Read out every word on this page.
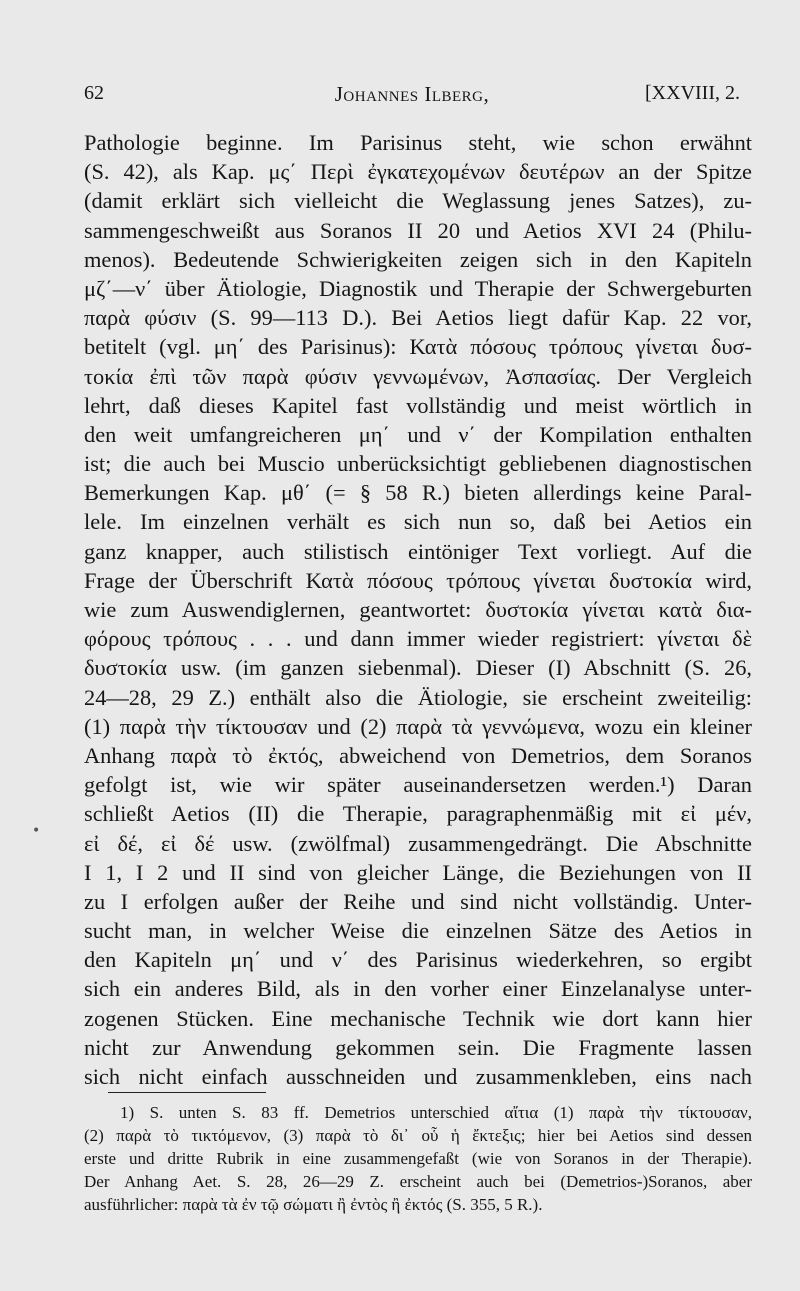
62	Johannes Ilberg,	[XXVIII, 2.
Pathologie beginne. Im Parisinus steht, wie schon erwähnt
(S. 42), als Kap. μς΄ Περὶ ἐγκατεχομένων δευτέρων an der Spitze
(damit erklärt sich vielleicht die Weglassung jenes Satzes), zu-
sammengeschweißt aus Soranos II 20 und Aetios XVI 24 (Philu-
menos). Bedeutende Schwierigkeiten zeigen sich in den Kapiteln
μζ΄—ν΄ über Ätiologie, Diagnostik und Therapie der Schwergeburten
παρὰ φύσιν (S. 99—113 D.). Bei Aetios liegt dafür Kap. 22 vor,
betitelt (vgl. μη΄ des Parisinus): Κατὰ πόσους τρόπους γίνεται δυσ-
τοκία ἐπὶ τῶν παρὰ φύσιν γεννωμένων, Ἀσπασίας. Der Vergleich
lehrt, daß dieses Kapitel fast vollständig und meist wörtlich in
den weit umfangreicheren μη΄ und ν΄ der Kompilation enthalten
ist; die auch bei Muscio unberücksichtigt gebliebenen diagnostischen
Bemerkungen Kap. μθ΄ (= § 58 R.) bieten allerdings keine Paral-
lele. Im einzelnen verhält es sich nun so, daß bei Aetios ein
ganz knapper, auch stilistisch eintöniger Text vorliegt. Auf die
Frage der Überschrift Κατὰ πόσους τρόπους γίνεται δυστοκία wird,
wie zum Auswendiglernen, geantwortet: δυστοκία γίνεται κατὰ δια-
φόρους τρόπους . . . und dann immer wieder registriert: γίνεται δὲ
δυστοκία usw. (im ganzen siebenmal). Dieser (I) Abschnitt (S. 26,
24—28, 29 Z.) enthält also die Ätiologie, sie erscheint zweiteilig:
(1) παρὰ τὴν τίκτουσαν und (2) παρὰ τὰ γεννώμενα, wozu ein kleiner
Anhang παρὰ τὸ ἐκτός, abweichend von Demetrios, dem Soranos
gefolgt ist, wie wir später auseinandersetzen werden.¹) Daran
schließt Aetios (II) die Therapie, paragraphenmäßig mit εἰ μέν,
εἰ δέ, εἰ δέ usw. (zwölfmal) zusammengedrängt. Die Abschnitte
I 1, I 2 und II sind von gleicher Länge, die Beziehungen von II
zu I erfolgen außer der Reihe und sind nicht vollständig. Unter-
sucht man, in welcher Weise die einzelnen Sätze des Aetios in
den Kapiteln μη΄ und ν΄ des Parisinus wiederkehren, so ergibt
sich ein anderes Bild, als in den vorher einer Einzelanalyse unter-
zogenen Stücken. Eine mechanische Technik wie dort kann hier
nicht zur Anwendung gekommen sein. Die Fragmente lassen
sich nicht einfach ausschneiden und zusammenkleben, eins nach
•
1) S. unten S. 83 ff. Demetrios unterschied αἴτια (1) παρὰ τὴν τίκτουσαν,
(2) παρὰ τὸ τικτόμενον, (3) παρὰ τὸ δι᾽ οὗ ἡ ἔκτεξις; hier bei Aetios sind dessen
erste und dritte Rubrik in eine zusammengefaßt (wie von Soranos in der Therapie).
Der Anhang Aet. S. 28, 26—29 Z. erscheint auch bei (Demetrios-)Soranos, aber
ausführlicher: παρὰ τὰ ἐν τῷ σώματι ἢ ἐντὸς ἢ ἐκτός (S. 355, 5 R.).
